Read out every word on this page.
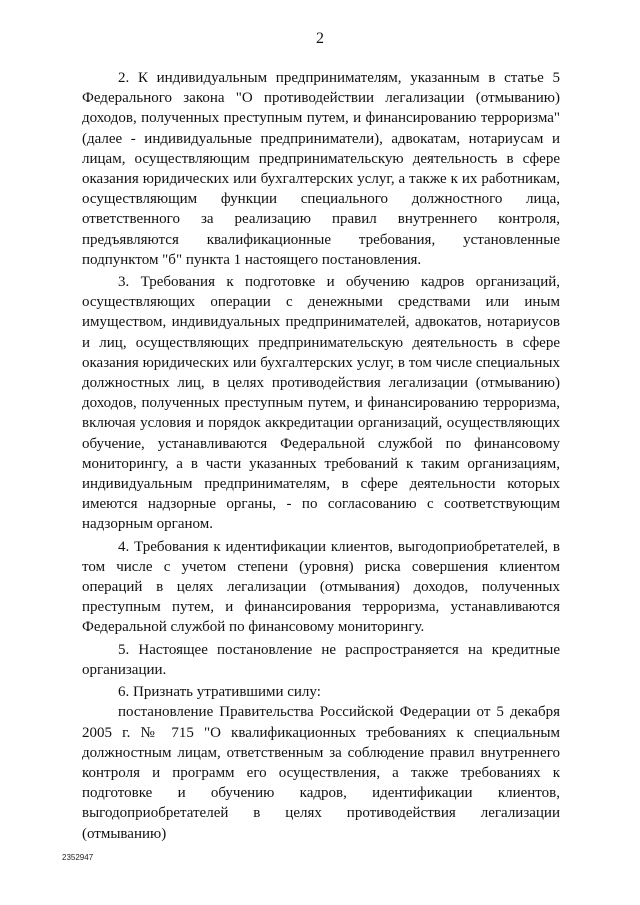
2

2. К индивидуальным предпринимателям, указанным в статье 5 Федерального закона "О противодействии легализации (отмыванию) доходов, полученных преступным путем, и финансированию терроризма" (далее - индивидуальные предприниматели), адвокатам, нотариусам и лицам, осуществляющим предпринимательскую деятельность в сфере оказания юридических или бухгалтерских услуг, а также к их работникам, осуществляющим функции специального должностного лица, ответственного за реализацию правил внутреннего контроля, предъявляются квалификационные требования, установленные подпунктом "б" пункта 1 настоящего постановления.

3. Требования к подготовке и обучению кадров организаций, осуществляющих операции с денежными средствами или иным имуществом, индивидуальных предпринимателей, адвокатов, нотариусов и лиц, осуществляющих предпринимательскую деятельность в сфере оказания юридических или бухгалтерских услуг, в том числе специальных должностных лиц, в целях противодействия легализации (отмыванию) доходов, полученных преступным путем, и финансированию терроризма, включая условия и порядок аккредитации организаций, осуществляющих обучение, устанавливаются Федеральной службой по финансовому мониторингу, а в части указанных требований к таким организациям, индивидуальным предпринимателям, в сфере деятельности которых имеются надзорные органы, - по согласованию с соответствующим надзорным органом.

4. Требования к идентификации клиентов, выгодоприобретателей, в том числе с учетом степени (уровня) риска совершения клиентом операций в целях легализации (отмывания) доходов, полученных преступным путем, и финансирования терроризма, устанавливаются Федеральной службой по финансовому мониторингу.

5. Настоящее постановление не распространяется на кредитные организации.

6. Признать утратившими силу:

постановление Правительства Российской Федерации от 5 декабря 2005 г. № 715 "О квалификационных требованиях к специальным должностным лицам, ответственным за соблюдение правил внутреннего контроля и программ его осуществления, а также требованиях к подготовке и обучению кадров, идентификации клиентов, выгодоприобретателей в целях противодействия легализации (отмыванию)

2352947
